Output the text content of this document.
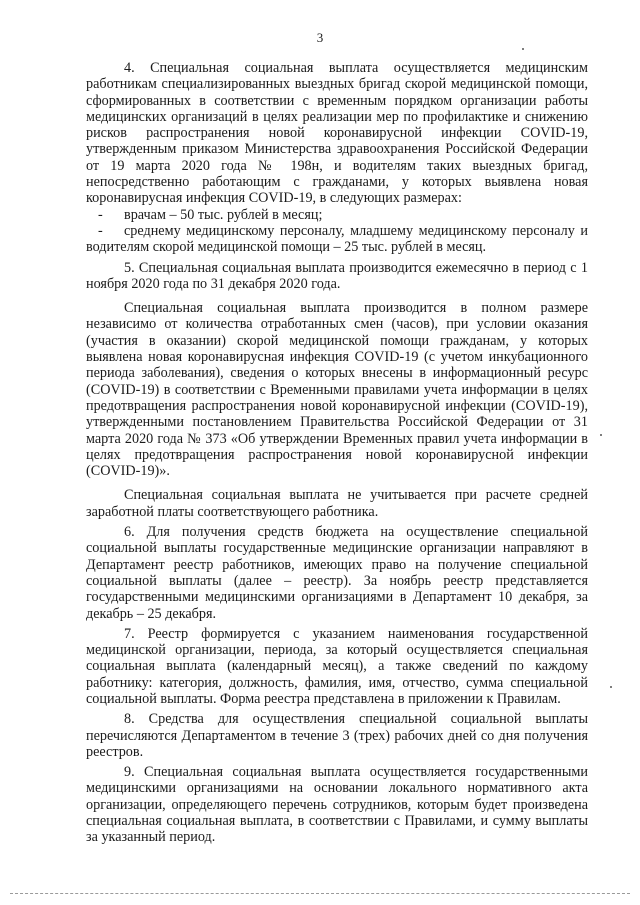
3

4. Специальная социальная выплата осуществляется медицинским работникам специализированных выездных бригад скорой медицинской помощи, сформированных в соответствии с временным порядком организации работы медицинских организаций в целях реализации мер по профилактике и снижению рисков распространения новой коронавирусной инфекции COVID-19, утвержденным приказом Министерства здравоохранения Российской Федерации от 19 марта 2020 года № 198н, и водителям таких выездных бригад, непосредственно работающим с гражданами, у которых выявлена новая коронавирусная инфекция COVID-19, в следующих размерах:

- врачам – 50 тыс. рублей в месяц;

- среднему медицинскому персоналу, младшему медицинскому персоналу и водителям скорой медицинской помощи – 25 тыс. рублей в месяц.

5. Специальная социальная выплата производится ежемесячно в период с 1 ноября 2020 года по 31 декабря 2020 года.

Специальная социальная выплата производится в полном размере независимо от количества отработанных смен (часов), при условии оказания (участия в оказании) скорой медицинской помощи гражданам, у которых выявлена новая коронавирусная инфекция COVID-19 (с учетом инкубационного периода заболевания), сведения о которых внесены в информационный ресурс (COVID-19) в соответствии с Временными правилами учета информации в целях предотвращения распространения новой коронавирусной инфекции (COVID-19), утвержденными постановлением Правительства Российской Федерации от 31 марта 2020 года № 373 «Об утверждении Временных правил учета информации в целях предотвращения распространения новой коронавирусной инфекции (COVID-19)».

Специальная социальная выплата не учитывается при расчете средней заработной платы соответствующего работника.

6. Для получения средств бюджета на осуществление специальной социальной выплаты государственные медицинские организации направляют в Департамент реестр работников, имеющих право на получение специальной социальной выплаты (далее – реестр). За ноябрь реестр представляется государственными медицинскими организациями в Департамент 10 декабря, за декабрь – 25 декабря.

7. Реестр формируется с указанием наименования государственной медицинской организации, периода, за который осуществляется специальная социальная выплата (календарный месяц), а также сведений по каждому работнику: категория, должность, фамилия, имя, отчество, сумма специальной социальной выплаты. Форма реестра представлена в приложении к Правилам.

8. Средства для осуществления специальной социальной выплаты перечисляются Департаментом в течение 3 (трех) рабочих дней со дня получения реестров.

9. Специальная социальная выплата осуществляется государственными медицинскими организациями на основании локального нормативного акта организации, определяющего перечень сотрудников, которым будет произведена специальная социальная выплата, в соответствии с Правилами, и сумму выплаты за указанный период.
